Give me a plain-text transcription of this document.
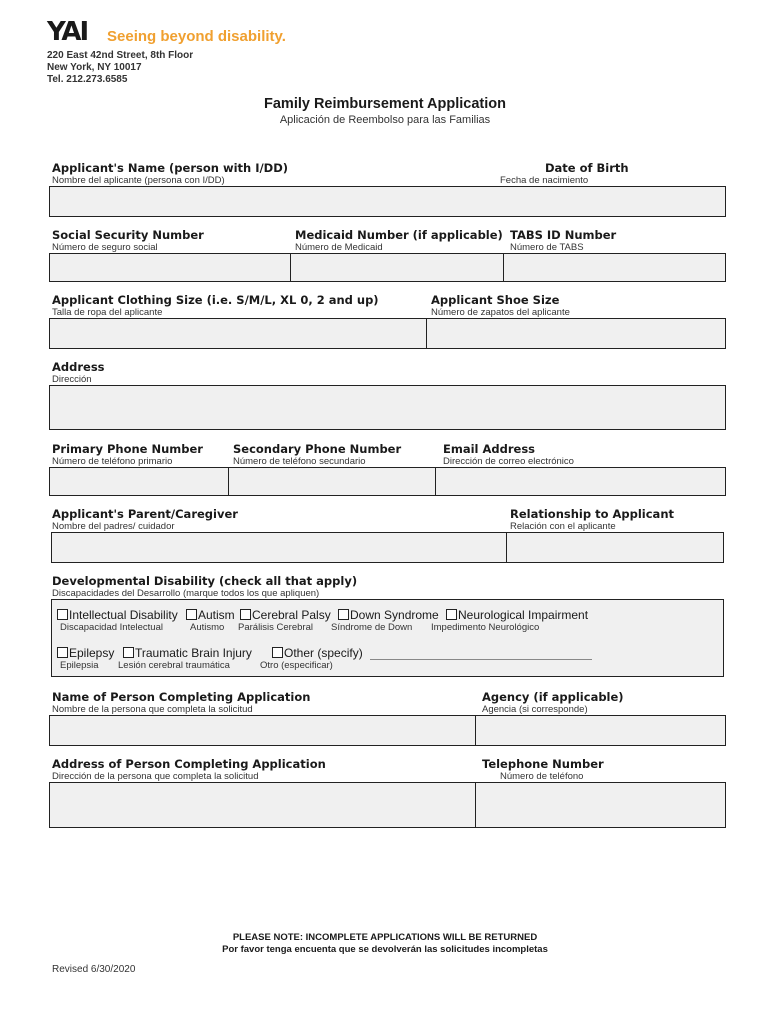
YAI Seeing beyond disability.
220 East 42nd Street, 8th Floor
New York, NY 10017
Tel. 212.273.6585
Family Reimbursement Application
Aplicación de Reembolso para las Familias
Applicant's Name (person with I/DD)
Nombre del aplicante (persona con I/DD)
Date of Birth
Fecha de nacimiento
Social Security Number
Número de seguro social
Medicaid Number (if applicable)
Número de Medicaid
TABS ID Number
Número de TABS
Applicant Clothing Size (i.e. S/M/L, XL 0, 2 and up)
Talla de ropa del aplicante
Applicant Shoe Size
Número de zapatos del aplicante
Address
Dirección
Primary Phone Number
Número de teléfono primario
Secondary Phone Number
Número de teléfono secundario
Email Address
Dirección de correo electrónico
Applicant's Parent/Caregiver
Nombre del padres/ cuidador
Relationship to Applicant
Relación con el aplicante
Developmental Disability (check all that apply)
Discapacidades del Desarrollo (marque todos los que apliquen)
Intellectual Disability
Discapacidad Intelectual
Autism
Autismo
Cerebral Palsy
Parálisis Cerebral
Down Syndrome
Síndrome de Down
Neurological Impairment
Impedimento Neurológico
Epilepsy
Epilepsia
Traumatic Brain Injury
Lesión cerebral traumática
Other (specify)
Otro (especificar)
Name of Person Completing Application
Nombre de la persona que completa la solicitud
Agency (if applicable)
Agencia (si corresponde)
Address of Person Completing Application
Dirección de la persona que completa la solicitud
Telephone Number
Número de teléfono
PLEASE NOTE: INCOMPLETE APPLICATIONS WILL BE RETURNED
Por favor tenga encuenta que se devolverán las solicitudes incompletas
Revised 6/30/2020
